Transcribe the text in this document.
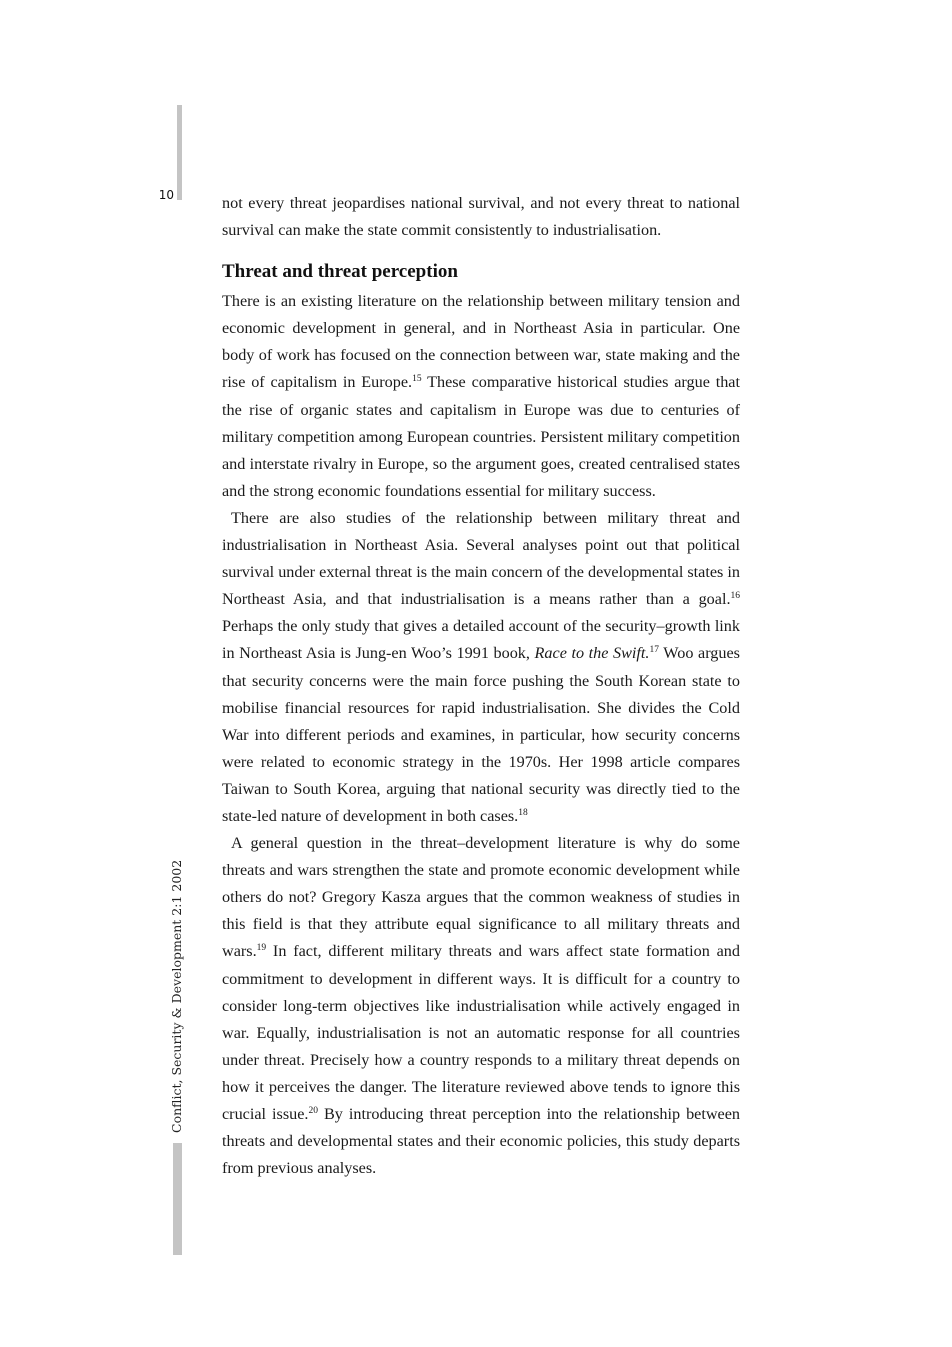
10
Conflict, Security & Development 2:1 2002

not every threat jeopardises national survival, and not every threat to national survival can make the state commit consistently to industrialisation.

Threat and threat perception

There is an existing literature on the relationship between military tension and economic development in general, and in Northeast Asia in particular. One body of work has focused on the connection between war, state making and the rise of capitalism in Europe.$^{15}$ These comparative historical studies argue that the rise of organic states and capitalism in Europe was due to centuries of military competition among European countries. Persistent military competition and interstate rivalry in Europe, so the argument goes, created centralised states and the strong economic foundations essential for military success.

There are also studies of the relationship between military threat and industrialisation in Northeast Asia. Several analyses point out that political survival under external threat is the main concern of the developmental states in Northeast Asia, and that industrialisation is a means rather than a goal.$^{16}$ Perhaps the only study that gives a detailed account of the security–growth link in Northeast Asia is Jung-en Woo’s 1991 book, Race to the Swift.$^{17}$ Woo argues that security concerns were the main force pushing the South Korean state to mobilise financial resources for rapid industrialisation. She divides the Cold War into different periods and examines, in particular, how security concerns were related to economic strategy in the 1970s. Her 1998 article compares Taiwan to South Korea, arguing that national security was directly tied to the state-led nature of development in both cases.$^{18}$

A general question in the threat–development literature is why do some threats and wars strengthen the state and promote economic development while others do not? Gregory Kasza argues that the common weakness of studies in this field is that they attribute equal significance to all military threats and wars.$^{19}$ In fact, different military threats and wars affect state formation and commitment to development in different ways. It is difficult for a country to consider long-term objectives like industrialisation while actively engaged in war. Equally, industrialisation is not an automatic response for all countries under threat. Precisely how a country responds to a military threat depends on how it perceives the danger. The literature reviewed above tends to ignore this crucial issue.$^{20}$ By introducing threat perception into the relationship between threats and developmental states and their economic policies, this study departs from previous analyses.
